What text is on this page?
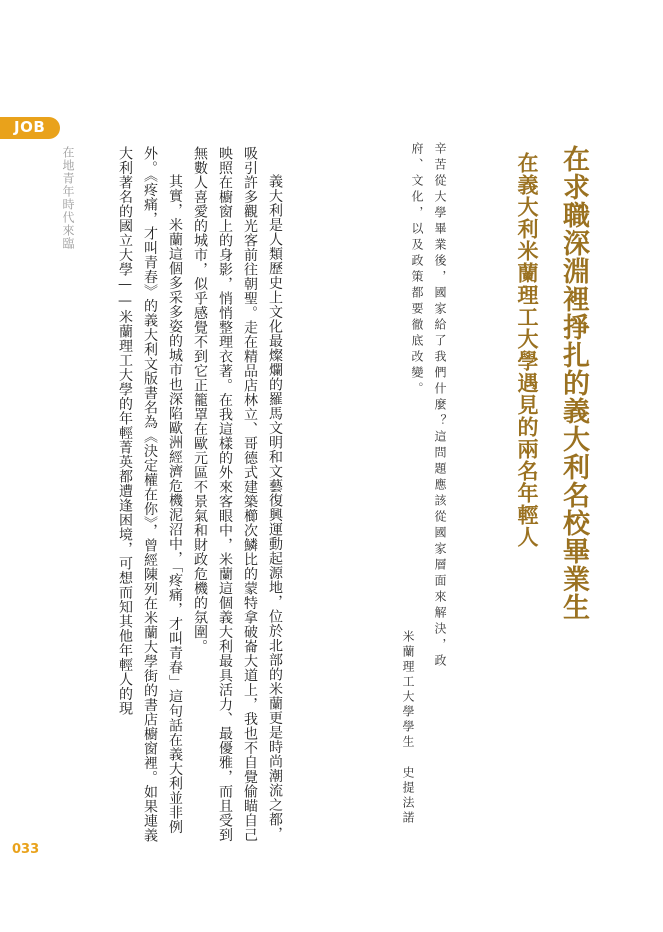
JOB
在地青年時代來臨	在求職深淵裡掙扎的義大利名校畢業生
在義大利米蘭理工大學遇見的兩名年輕人
辛苦從大學畢業後，國家給了我們什麼？這問題應該從國家層面來解決，政府、文化，以及政策都要徹底改變。
米蘭理工大學學生
史提法諾

義大利是人類歷史上文化最燦爛的羅馬文明和文藝復興運動起源地，位於北部的米蘭更是時尚潮流之都，吸引許多觀光客前往朝聖。走在精品店林立、哥德式建築櫛次鱗比的蒙特拿破崙大道上，我也不自覺偷瞄自己映照在櫥窗上的身影，悄悄整理衣著。在我這樣的外來客眼中，米蘭這個義大利最具活力、最優雅，而且受到無數人喜愛的城市，似乎感覺不到它正籠罩在歐元區不景氣和財政危機的氛圍。

其實，米蘭這個多采多姿的城市也深陷歐洲經濟危機泥沼中，「疼痛，才叫青春」這句話在義大利並非例外。《疼痛，才叫青春》的義大利文版書名為《決定權在你》，曾經陳列在米蘭大學街的書店櫥窗裡。如果連義大利著名的國立大學——米蘭理工大學的年輕菁英都遭逢困境，可想而知其他年輕人的現

033
